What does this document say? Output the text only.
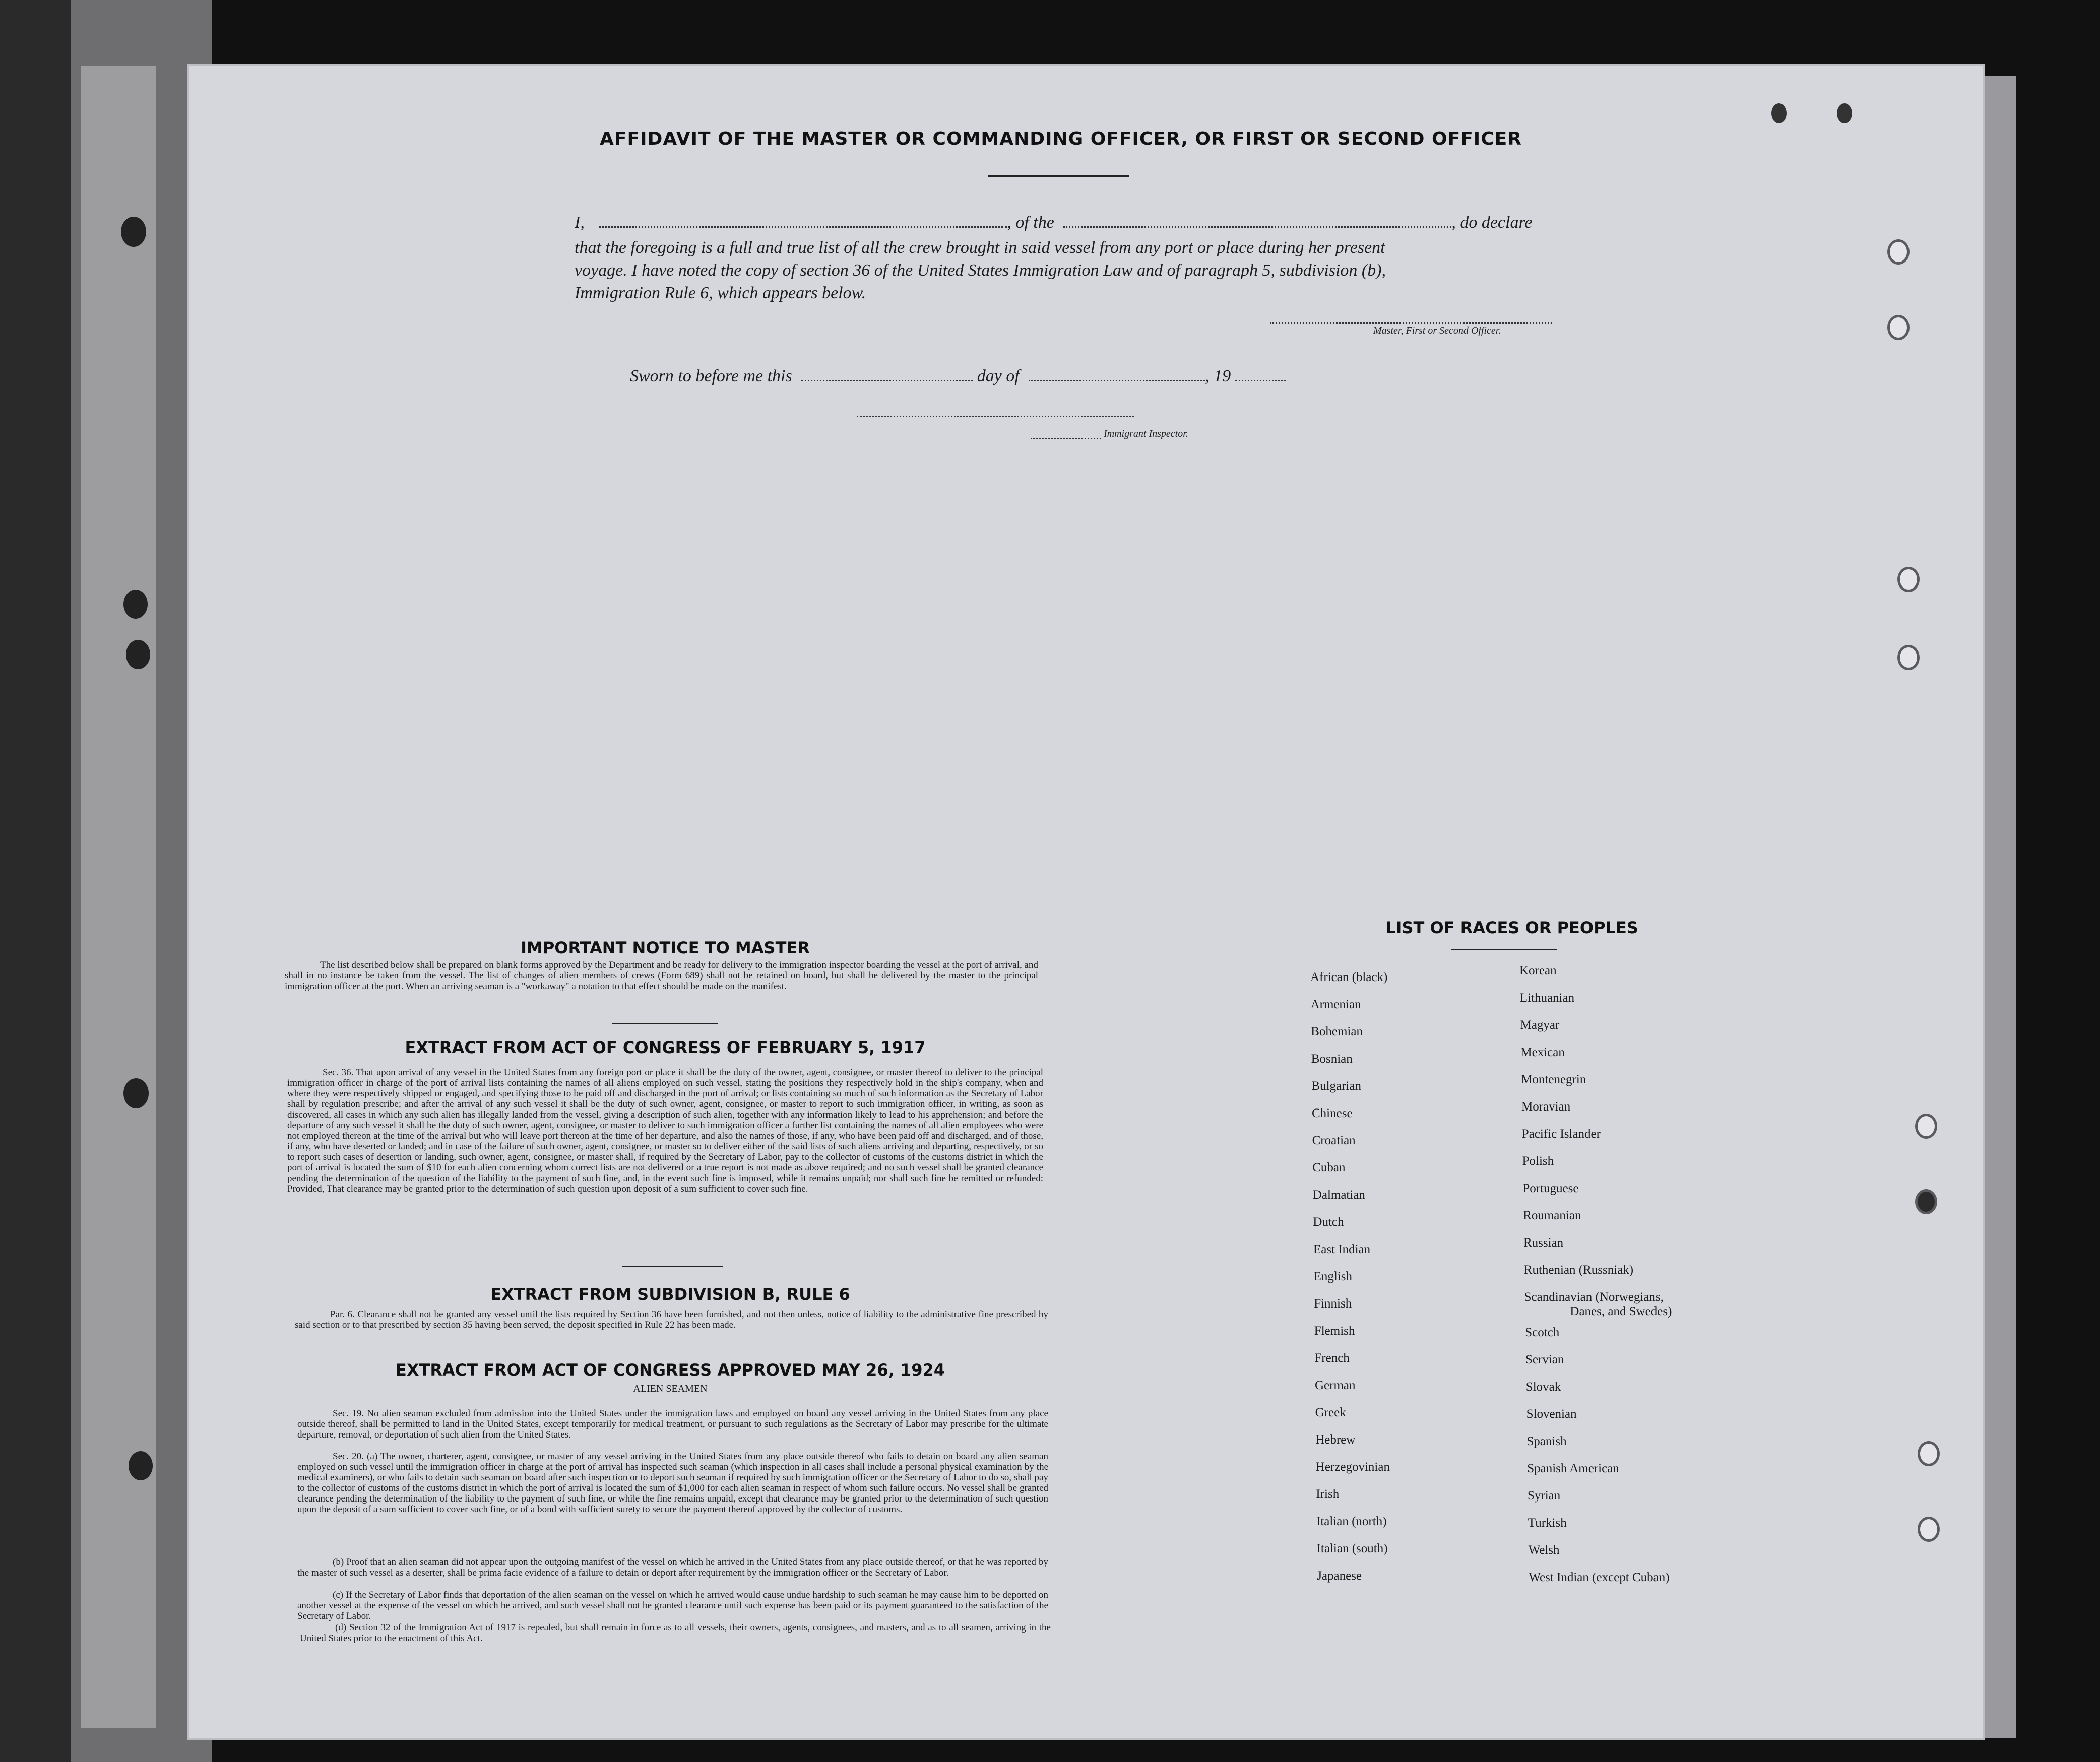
AFFIDAVIT OF THE MASTER OR COMMANDING OFFICER, OR FIRST OR SECOND OFFICER
I,	, of the	, do declare
that the foregoing is a full and true list of all the crew brought in said vessel from any port or place during her present
voyage. I have noted the copy of section 36 of the United States Immigration Law and of paragraph 5, subdivision (b),
Immigration Rule 6, which appears below.
Master, First or Second Officer.
Sworn to before me this	day of	, 19
Immigrant Inspector.
IMPORTANT NOTICE TO MASTER
The list described below shall be prepared on blank forms approved by the Department and be ready for delivery to the immigration inspector boarding the vessel at the port of arrival, and shall in no instance be taken from the vessel. The list of changes of alien members of crews (Form 689) shall not be retained on board, but shall be delivered by the master to the principal immigration officer at the port. When an arriving seaman is a "workaway" a notation to that effect should be made on the manifest.
EXTRACT FROM ACT OF CONGRESS OF FEBRUARY 5, 1917
Sec. 36. That upon arrival of any vessel in the United States from any foreign port or place it shall be the duty of the owner, agent, consignee, or master thereof to deliver to the principal immigration officer in charge of the port of arrival lists containing the names of all aliens employed on such vessel, stating the positions they respectively hold in the ship's company, when and where they were respectively shipped or engaged, and specifying those to be paid off and discharged in the port of arrival; or lists containing so much of such information as the Secretary of Labor shall by regulation prescribe; and after the arrival of any such vessel it shall be the duty of such owner, agent, consignee, or master to report to such immigration officer, in writing, as soon as discovered, all cases in which any such alien has illegally landed from the vessel, giving a description of such alien, together with any information likely to lead to his apprehension; and before the departure of any such vessel it shall be the duty of such owner, agent, consignee, or master to deliver to such immigration officer a further list containing the names of all alien employees who were not employed thereon at the time of the arrival but who will leave port thereon at the time of her departure, and also the names of those, if any, who have been paid off and discharged, and of those, if any, who have deserted or landed; and in case of the failure of such owner, agent, consignee, or master so to deliver either of the said lists of such aliens arriving and departing, respectively, or so to report such cases of desertion or landing, such owner, agent, consignee, or master shall, if required by the Secretary of Labor, pay to the collector of customs of the customs district in which the port of arrival is located the sum of $10 for each alien concerning whom correct lists are not delivered or a true report is not made as above required; and no such vessel shall be granted clearance pending the determination of the question of the liability to the payment of such fine, and, in the event such fine is imposed, while it remains unpaid; nor shall such fine be remitted or refunded: Provided, That clearance may be granted prior to the determination of such question upon deposit of a sum sufficient to cover such fine.
EXTRACT FROM SUBDIVISION B, RULE 6
Par. 6. Clearance shall not be granted any vessel until the lists required by Section 36 have been furnished, and not then unless, notice of liability to the administrative fine prescribed by said section or to that prescribed by section 35 having been served, the deposit specified in Rule 22 has been made.
EXTRACT FROM ACT OF CONGRESS APPROVED MAY 26, 1924
ALIEN SEAMEN
Sec. 19. No alien seaman excluded from admission into the United States under the immigration laws and employed on board any vessel arriving in the United States from any place outside thereof, shall be permitted to land in the United States, except temporarily for medical treatment, or pursuant to such regulations as the Secretary of Labor may prescribe for the ultimate departure, removal, or deportation of such alien from the United States.
Sec. 20. (a) The owner, charterer, agent, consignee, or master of any vessel arriving in the United States from any place outside thereof who fails to detain on board any alien seaman employed on such vessel until the immigration officer in charge at the port of arrival has inspected such seaman (which inspection in all cases shall include a personal physical examination by the medical examiners), or who fails to detain such seaman on board after such inspection or to deport such seaman if required by such immigration officer or the Secretary of Labor to do so, shall pay to the collector of customs of the customs district in which the port of arrival is located the sum of $1,000 for each alien seaman in respect of whom such failure occurs. No vessel shall be granted clearance pending the determination of the liability to the payment of such fine, or while the fine remains unpaid, except that clearance may be granted prior to the determination of such question upon the deposit of a sum sufficient to cover such fine, or of a bond with sufficient surety to secure the payment thereof approved by the collector of customs.
(b) Proof that an alien seaman did not appear upon the outgoing manifest of the vessel on which he arrived in the United States from any place outside thereof, or that he was reported by the master of such vessel as a deserter, shall be prima facie evidence of a failure to detain or deport after requirement by the immigration officer or the Secretary of Labor.
(c) If the Secretary of Labor finds that deportation of the alien seaman on the vessel on which he arrived would cause undue hardship to such seaman he may cause him to be deported on another vessel at the expense of the vessel on which he arrived, and such vessel shall not be granted clearance until such expense has been paid or its payment guaranteed to the satisfaction of the Secretary of Labor.
(d) Section 32 of the Immigration Act of 1917 is repealed, but shall remain in force as to all vessels, their owners, agents, consignees, and masters, and as to all seamen, arriving in the United States prior to the enactment of this Act.
LIST OF RACES OR PEOPLES
African (black)
Armenian
Bohemian
Bosnian
Bulgarian
Chinese
Croatian
Cuban
Dalmatian
Dutch
East Indian
English
Finnish
Flemish
French
German
Greek
Hebrew
Herzegovinian
Irish
Italian (north)
Italian (south)
Japanese
Korean
Lithuanian
Magyar
Mexican
Montenegrin
Moravian
Pacific Islander
Polish
Portuguese
Roumanian
Russian
Ruthenian (Russniak)
Scandinavian (Norwegians,
Danes, and Swedes)
Scotch
Servian
Slovak
Slovenian
Spanish
Spanish American
Syrian
Turkish
Welsh
West Indian (except Cuban)
